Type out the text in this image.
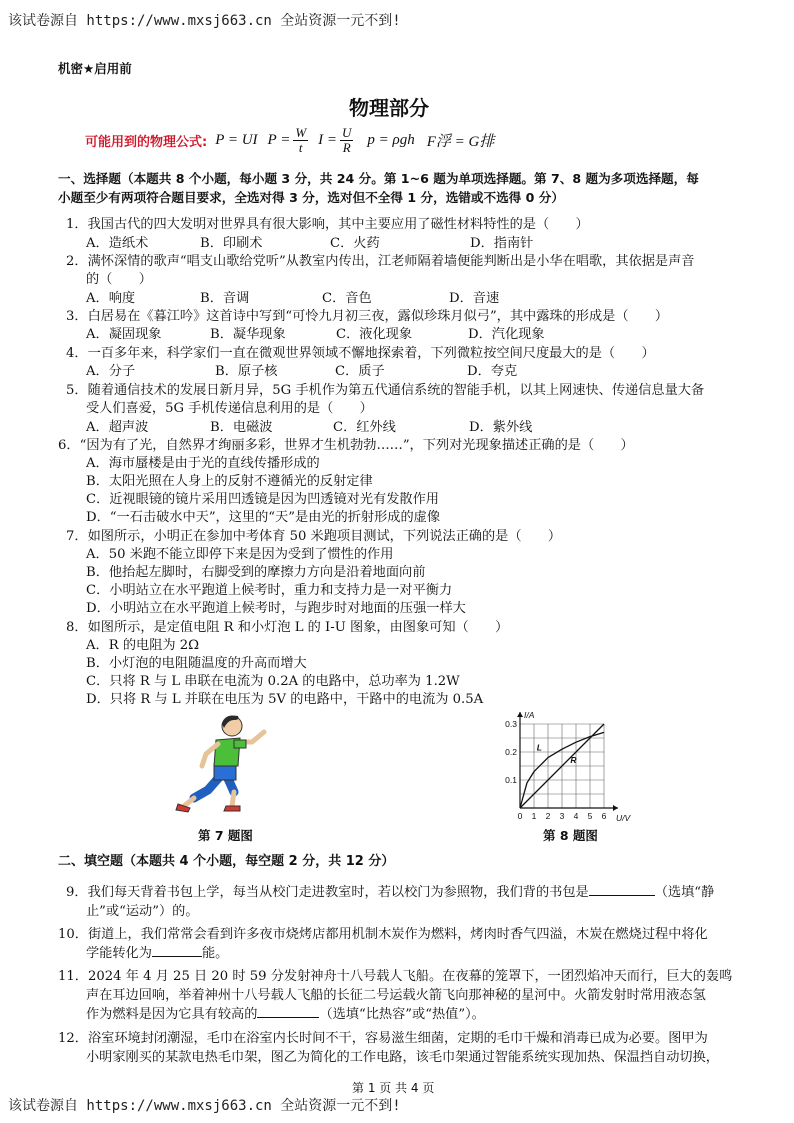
该试卷源自 https://www.mxsj663.cn 全站资源一元不到!
机密★启用前
物理部分
可能用到的物理公式: P = UI $P = \frac{W}{t}$ $I = \frac{U}{R}$ p = ρgh F浮 = G排
一、选择题（本题共 8 个小题，每小题 3 分，共 24 分。第 1~6 题为单项选择题。第 7、8 题为多项选择题，每
小题至少有两项符合题目要求，全选对得 3 分，选对但不全得 1 分，选错或不选得 0 分）
1．我国古代的四大发明对世界具有很大影响，其中主要应用了磁性材料特性的是（　　）
A．造纸术	B．印刷术	C．火药	D．指南针
2．满怀深情的歌声“唱支山歌给党听”从教室内传出，江老师隔着墙便能判断出是小华在唱歌，其依据是声音
的（　　）
A．响度	B．音调	C．音色	D．音速
3．白居易在《暮江吟》这首诗中写到“可怜九月初三夜，露似珍珠月似弓”，其中露珠的形成是（　　）
A．凝固现象	B．凝华现象	C．液化现象	D．汽化现象
4．一百多年来，科学家们一直在微观世界领域不懈地探索着，下列微粒按空间尺度最大的是（　　）
A．分子	B．原子核	C．质子	D．夸克
5．随着通信技术的发展日新月异，5G 手机作为第五代通信系统的智能手机，以其上网速快、传递信息量大备
受人们喜爱，5G 手机传递信息利用的是（　　）
A．超声波	B．电磁波	C．红外线	D．紫外线
6．“因为有了光，自然界才绚丽多彩，世界才生机勃勃……”，下列对光现象描述正确的是（　　）
A．海市蜃楼是由于光的直线传播形成的
B．太阳光照在人身上的反射不遵循光的反射定律
C．近视眼镜的镜片采用凹透镜是因为凹透镜对光有发散作用
D．“一石击破水中天”，这里的“天”是由光的折射形成的虚像
7．如图所示，小明正在参加中考体育 50 米跑项目测试，下列说法正确的是（　　）
A．50 米跑不能立即停下来是因为受到了惯性的作用
B．他抬起左脚时，右脚受到的摩擦力方向是沿着地面向前
C．小明站立在水平跑道上候考时，重力和支持力是一对平衡力
D．小明站立在水平跑道上候考时，与跑步时对地面的压强一样大
8．如图所示，是定值电阻 R 和小灯泡 L 的 I-U 图象，由图象可知（　　）
A．R 的电阻为 2Ω
B．小灯泡的电阻随温度的升高而增大
C．只将 R 与 L 串联在电流为 0.2A 的电路中，总功率为 1.2W
D．只将 R 与 L 并联在电压为 5V 的电路中，干路中的电流为 0.5A
第 7 题图
0 1 2 3 4 5 6
0.1
0.2
0.3
I/A
U/V
L
R
第 8 题图
二、填空题（本题共 4 个小题，每空题 2 分，共 12 分）
9．我们每天背着书包上学，每当从校门走进教室时，若以校门为参照物，我们背的书包是	（选填“静
止”或“运动”）的。
10．街道上，我们常常会看到许多夜市烧烤店都用机制木炭作为燃料，烤肉时香气四溢，木炭在燃烧过程中将化
学能转化为	能。
11．2024 年 4 月 25 日 20 时 59 分发射神舟十八号载人飞船。在夜幕的笼罩下，一团烈焰冲天而行，巨大的轰鸣
声在耳边回响，举着神州十八号载人飞船的长征二号运载火箭飞向那神秘的星河中。火箭发射时常用液态氢
作为燃料是因为它具有较高的	（选填“比热容”或“热值”）。
12．浴室环境封闭潮湿，毛巾在浴室内长时间不干，容易滋生细菌，定期的毛巾干燥和消毒已成为必要。图甲为
小明家刚买的某款电热毛巾架，图乙为简化的工作电路，该毛巾架通过智能系统实现加热、保温挡自动切换，
第 1 页 共 4 页
该试卷源自 https://www.mxsj663.cn 全站资源一元不到!
